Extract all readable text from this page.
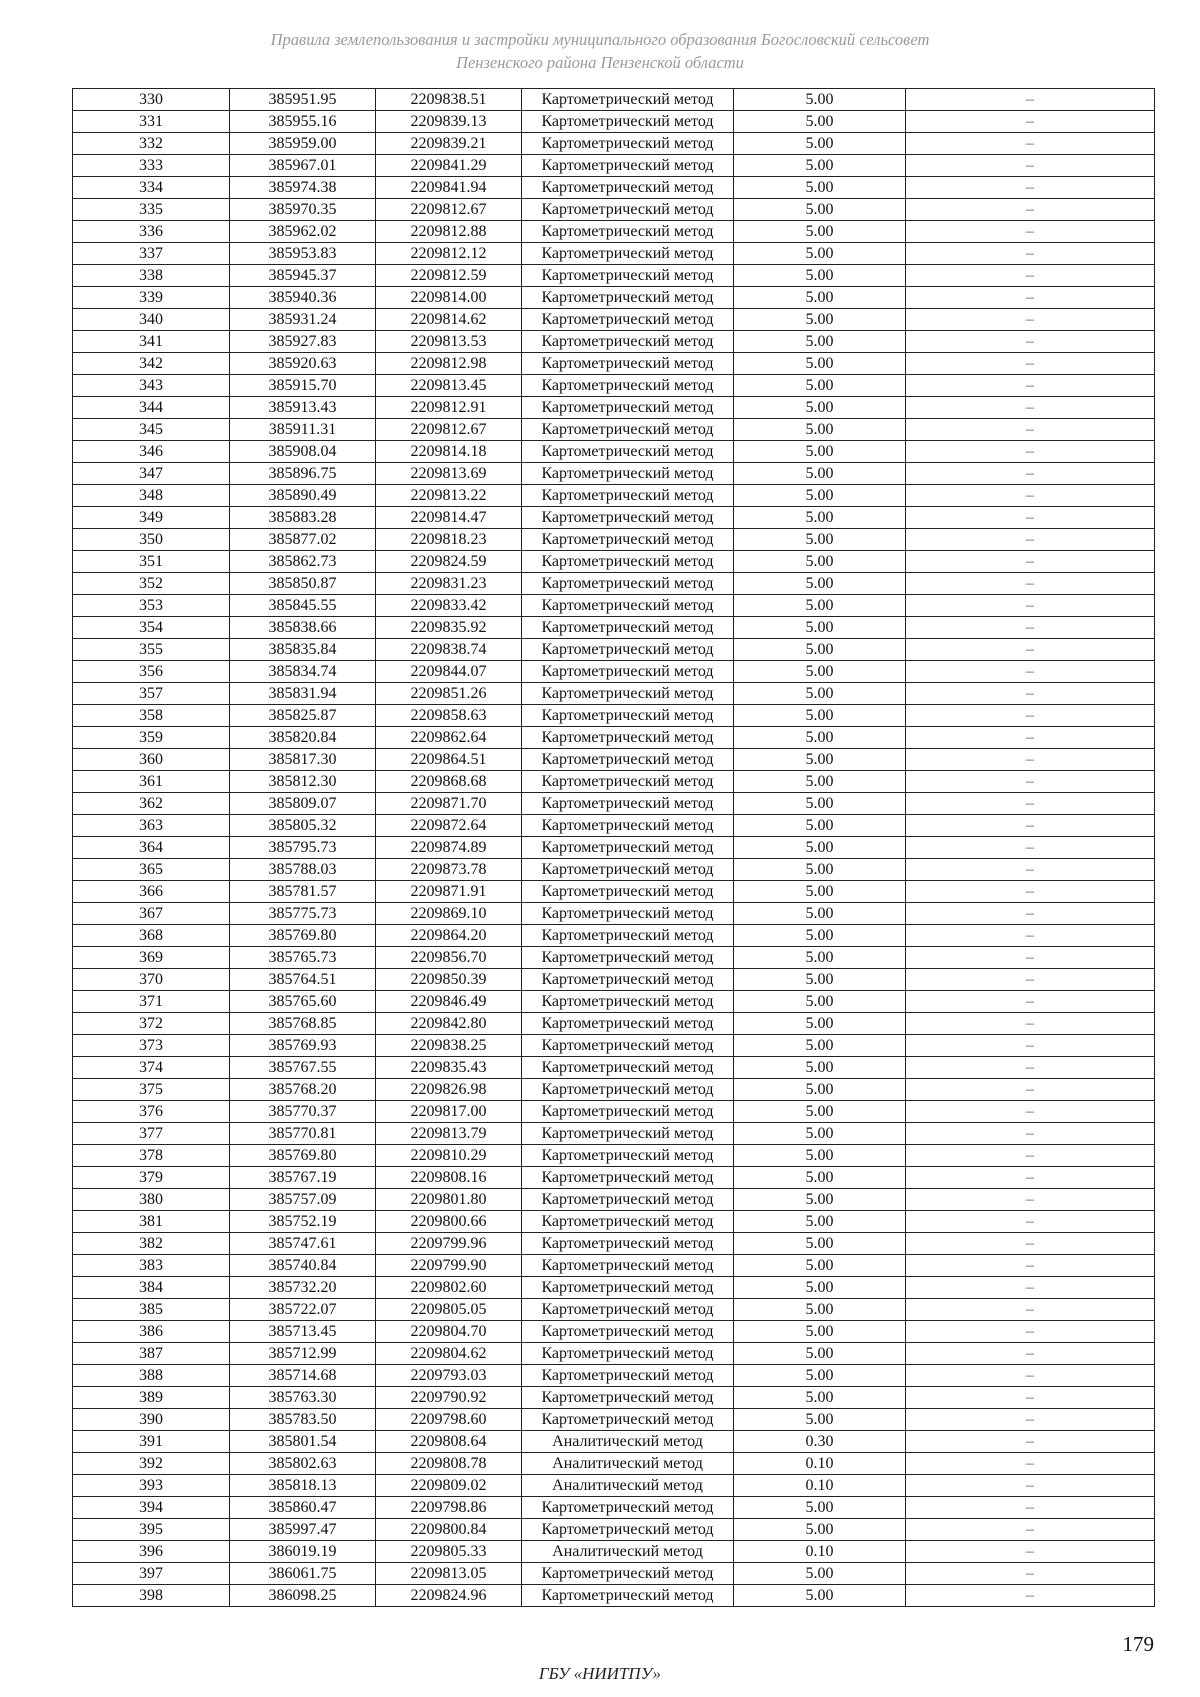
Правила землепользования и застройки муниципального образования Богословский сельсовет
Пензенского района Пензенской области
330	385951.95	2209838.51	Картометрический метод	5.00	–
331	385955.16	2209839.13	Картометрический метод	5.00	–
332	385959.00	2209839.21	Картометрический метод	5.00	–
333	385967.01	2209841.29	Картометрический метод	5.00	–
334	385974.38	2209841.94	Картометрический метод	5.00	–
335	385970.35	2209812.67	Картометрический метод	5.00	–
336	385962.02	2209812.88	Картометрический метод	5.00	–
337	385953.83	2209812.12	Картометрический метод	5.00	–
338	385945.37	2209812.59	Картометрический метод	5.00	–
339	385940.36	2209814.00	Картометрический метод	5.00	–
340	385931.24	2209814.62	Картометрический метод	5.00	–
341	385927.83	2209813.53	Картометрический метод	5.00	–
342	385920.63	2209812.98	Картометрический метод	5.00	–
343	385915.70	2209813.45	Картометрический метод	5.00	–
344	385913.43	2209812.91	Картометрический метод	5.00	–
345	385911.31	2209812.67	Картометрический метод	5.00	–
346	385908.04	2209814.18	Картометрический метод	5.00	–
347	385896.75	2209813.69	Картометрический метод	5.00	–
348	385890.49	2209813.22	Картометрический метод	5.00	–
349	385883.28	2209814.47	Картометрический метод	5.00	–
350	385877.02	2209818.23	Картометрический метод	5.00	–
351	385862.73	2209824.59	Картометрический метод	5.00	–
352	385850.87	2209831.23	Картометрический метод	5.00	–
353	385845.55	2209833.42	Картометрический метод	5.00	–
354	385838.66	2209835.92	Картометрический метод	5.00	–
355	385835.84	2209838.74	Картометрический метод	5.00	–
356	385834.74	2209844.07	Картометрический метод	5.00	–
357	385831.94	2209851.26	Картометрический метод	5.00	–
358	385825.87	2209858.63	Картометрический метод	5.00	–
359	385820.84	2209862.64	Картометрический метод	5.00	–
360	385817.30	2209864.51	Картометрический метод	5.00	–
361	385812.30	2209868.68	Картометрический метод	5.00	–
362	385809.07	2209871.70	Картометрический метод	5.00	–
363	385805.32	2209872.64	Картометрический метод	5.00	–
364	385795.73	2209874.89	Картометрический метод	5.00	–
365	385788.03	2209873.78	Картометрический метод	5.00	–
366	385781.57	2209871.91	Картометрический метод	5.00	–
367	385775.73	2209869.10	Картометрический метод	5.00	–
368	385769.80	2209864.20	Картометрический метод	5.00	–
369	385765.73	2209856.70	Картометрический метод	5.00	–
370	385764.51	2209850.39	Картометрический метод	5.00	–
371	385765.60	2209846.49	Картометрический метод	5.00	–
372	385768.85	2209842.80	Картометрический метод	5.00	–
373	385769.93	2209838.25	Картометрический метод	5.00	–
374	385767.55	2209835.43	Картометрический метод	5.00	–
375	385768.20	2209826.98	Картометрический метод	5.00	–
376	385770.37	2209817.00	Картометрический метод	5.00	–
377	385770.81	2209813.79	Картометрический метод	5.00	–
378	385769.80	2209810.29	Картометрический метод	5.00	–
379	385767.19	2209808.16	Картометрический метод	5.00	–
380	385757.09	2209801.80	Картометрический метод	5.00	–
381	385752.19	2209800.66	Картометрический метод	5.00	–
382	385747.61	2209799.96	Картометрический метод	5.00	–
383	385740.84	2209799.90	Картометрический метод	5.00	–
384	385732.20	2209802.60	Картометрический метод	5.00	–
385	385722.07	2209805.05	Картометрический метод	5.00	–
386	385713.45	2209804.70	Картометрический метод	5.00	–
387	385712.99	2209804.62	Картометрический метод	5.00	–
388	385714.68	2209793.03	Картометрический метод	5.00	–
389	385763.30	2209790.92	Картометрический метод	5.00	–
390	385783.50	2209798.60	Картометрический метод	5.00	–
391	385801.54	2209808.64	Аналитический метод	0.30	–
392	385802.63	2209808.78	Аналитический метод	0.10	–
393	385818.13	2209809.02	Аналитический метод	0.10	–
394	385860.47	2209798.86	Картометрический метод	5.00	–
395	385997.47	2209800.84	Картометрический метод	5.00	–
396	386019.19	2209805.33	Аналитический метод	0.10	–
397	386061.75	2209813.05	Картометрический метод	5.00	–
398	386098.25	2209824.96	Картометрический метод	5.00	–
179
ГБУ «НИИТПУ»
